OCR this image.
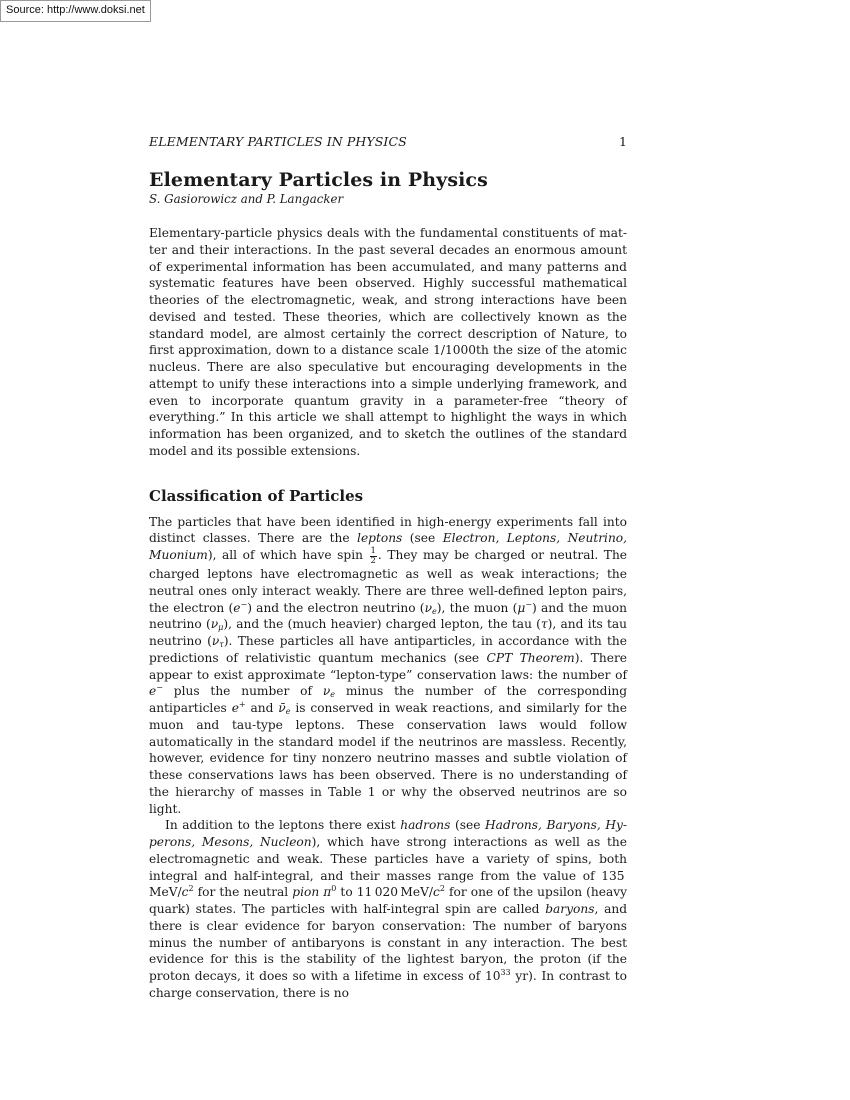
Source: http://www.doksi.net
ELEMENTARY PARTICLES IN PHYSICS	1
Elementary Particles in Physics
S. Gasiorowicz and P. Langacker

Elementary-particle physics deals with the fundamental constituents of matter and their interactions. In the past several decades an enormous amount of experimental information has been accumulated, and many patterns and systematic features have been observed. Highly successful mathematical theories of the electromagnetic, weak, and strong interactions have been devised and tested. These theories, which are collectively known as the standard model, are almost certainly the correct description of Nature, to first approximation, down to a distance scale 1/1000th the size of the atomic nucleus. There are also speculative but encouraging developments in the attempt to unify these interactions into a simple underlying framework, and even to incorporate quantum gravity in a parameter-free “theory of everything.” In this article we shall attempt to highlight the ways in which information has been organized, and to sketch the outlines of the standard model and its possible extensions.

Classification of Particles

The particles that have been identified in high-energy experiments fall into distinct classes. There are the leptons (see Electron, Leptons, Neutrino, Muonium), all of which have spin $\frac{1}{2}$ . They may be charged or neutral. The charged leptons have electromagnetic as well as weak interactions; the neutral ones only interact weakly. There are three well-defined lepton pairs, the electron (e−) and the electron neutrino $(\nu_e)$, the muon (μ−) and the muon neutrino $(\nu_\mu)$, and the (much heavier) charged lepton, the tau (τ), and its tau neutrino $(\nu_\tau)$. These particles all have antiparticles, in accordance with the predictions of relativistic quantum mechanics (see CPT Theorem). There appear to exist approximate “lepton-type” conservation laws: the number of e− plus the number of $\nu_e$ minus the number of the corresponding antiparticles e+ and $\nū_e$ is conserved in weak reactions, and similarly for the muon and tau-type leptons. These conservation laws would follow automatically in the standard model if the neutrinos are massless. Recently, however, evidence for tiny nonzero neutrino masses and subtle violation of these conservations laws has been observed. There is no understanding of the hierarchy of masses in Table 1 or why the observed neutrinos are so light.

In addition to the leptons there exist hadrons (see Hadrons, Baryons, Hyperons, Mesons, Nucleon), which have strong interactions as well as the electromagnetic and weak. These particles have a variety of spins, both integral and half-integral, and their masses range from the value of 135 MeV/$c^2$ for the neutral pion $\pi^0$ to 11 020 MeV/$c^2$ for one of the upsilon (heavy quark) states. The particles with half-integral spin are called baryons, and there is clear evidence for baryon conservation: The number of baryons minus the number of antibaryons is constant in any interaction. The best evidence for this is the stability of the lightest baryon, the proton (if the proton decays, it does so with a lifetime in excess of $10^{33}$ yr). In contrast to charge conservation, there is no
